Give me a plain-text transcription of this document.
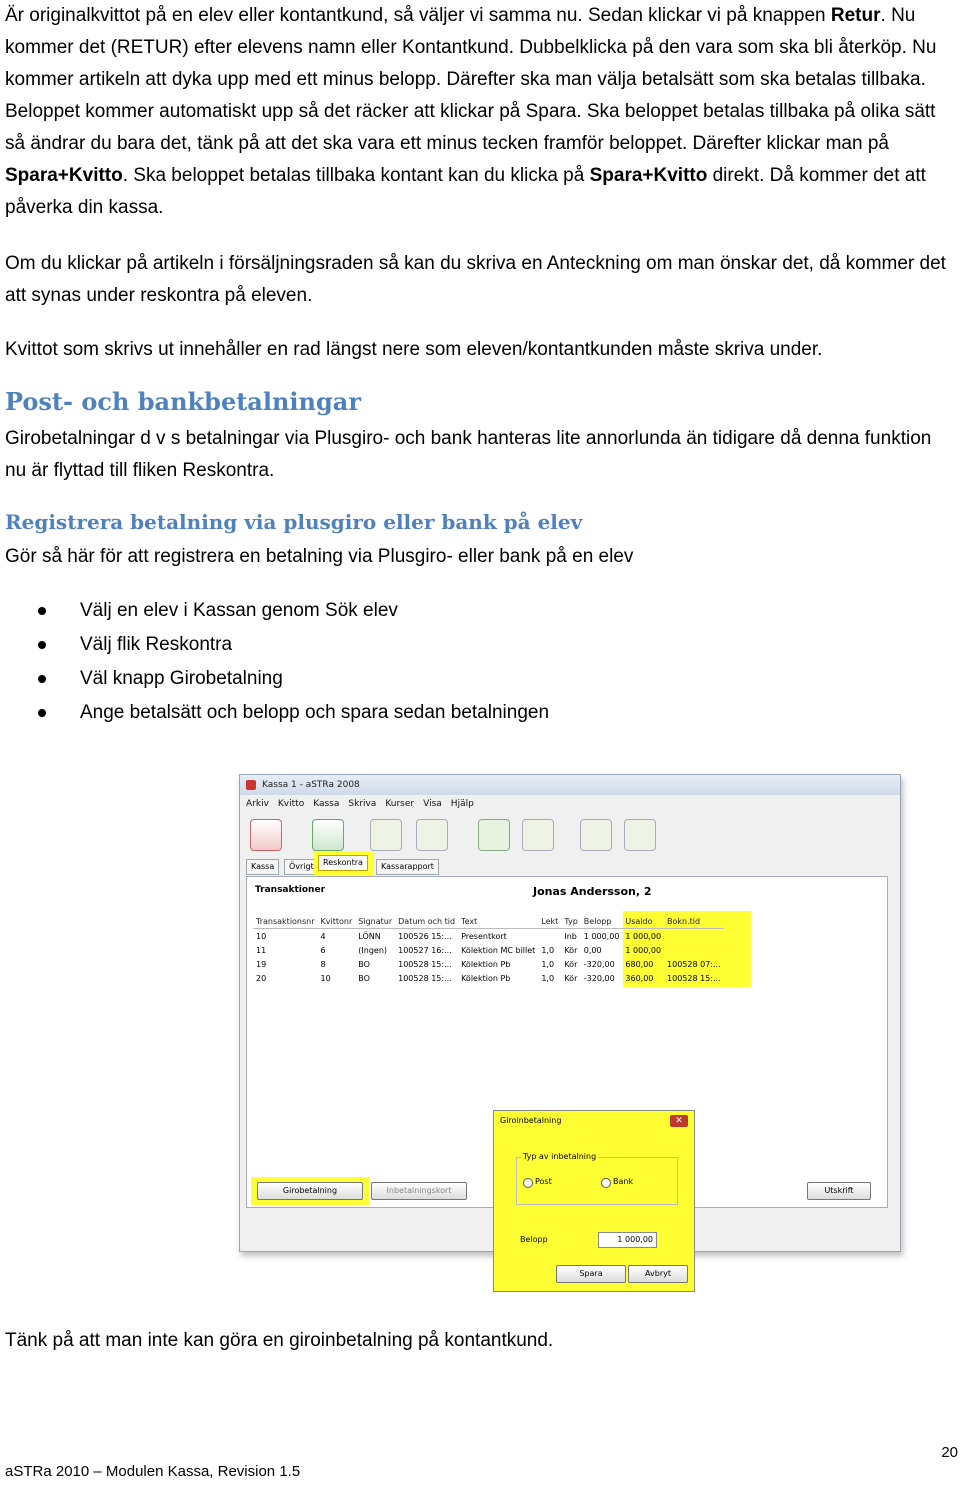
Är originalkvittot på en elev eller kontantkund, så väljer vi samma nu. Sedan klickar vi på knappen Retur. Nu kommer det (RETUR) efter elevens namn eller Kontantkund. Dubbelklicka på den vara som ska bli återköp. Nu kommer artikeln att dyka upp med ett minus belopp. Därefter ska man välja betalsätt som ska betalas tillbaka. Beloppet kommer automatiskt upp så det räcker att klickar på Spara. Ska beloppet betalas tillbaka på olika sätt så ändrar du bara det, tänk på att det ska vara ett minus tecken framför beloppet. Därefter klickar man på Spara+Kvitto. Ska beloppet betalas tillbaka kontant kan du klicka på Spara+Kvitto direkt. Då kommer det att påverka din kassa.

Om du klickar på artikeln i försäljningsraden så kan du skriva en Anteckning om man önskar det, då kommer det att synas under reskontra på eleven.

Kvittot som skrivs ut innehåller en rad längst nere som eleven/kontantkunden måste skriva under.

Post- och bankbetalningar

Girobetalningar d v s betalningar via Plusgiro- och bank hanteras lite annorlunda än tidigare då denna funktion nu är flyttad till fliken Reskontra.

Registrera betalning via plusgiro eller bank på elev

Gör så här för att registrera en betalning via Plusgiro- eller bank på en elev

Välj en elev i Kassan genom Sök elev
Välj flik Reskontra
Väl knapp Girobetalning
Ange betalsätt och belopp och spara sedan betalningen
Kassa 1 - aSTRa 2008
Arkiv Kvitto Kassa Skriva Kurser Visa Hjälp
Kassa	Övrigt	Reskontra	Kassarapport
Transaktioner	Jonas Andersson, 2
Transaktionsnr	Kvittonr	Signatur	Datum och tid	Text	Lekt	Typ	Belopp	Usaldo	Bokn.tid
10	4	LÖNN	100526 15:...	Presentkort		Inb	1 000,00	1 000,00	
11	6	(Ingen)	100527 16:...	Kölektion MC billet	1,0	Kör	0,00	1 000,00	
19	8	BO	100528 15:...	Kölektion Pb	1,0	Kör	-320,00	680,00	100528 07:...
20	10	BO	100528 15:...	Kölektion Pb	1,0	Kör	-320,00	360,00	100528 15:...
Girobetalning	Inbetalningskort	Utskrift
Giroinbetalning	✕
Typ av inbetalning
Post	Bank
Belopp	1 000,00
Spara	Avbryt

Tänk på att man inte kan göra en giroinbetalning på kontantkund.

20
aSTRa 2010 – Modulen Kassa, Revision 1.5
